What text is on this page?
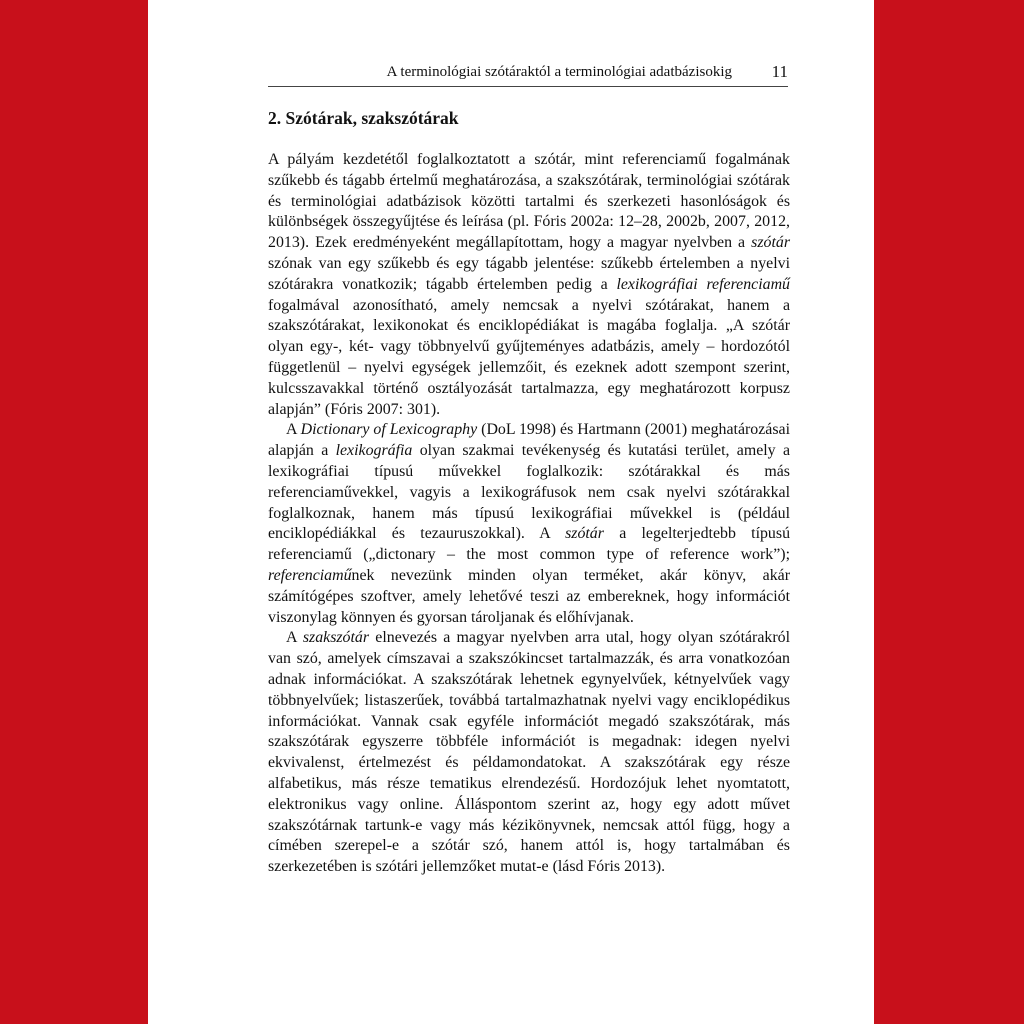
A terminológiai szótáraktól a terminológiai adatbázisokig 11
2. Szótárak, szakszótárak

A pályám kezdetétől foglalkoztatott a szótár, mint referenciamű fogalmának szűkebb és tágabb értelmű meghatározása, a szakszótárak, terminológiai szótárak és terminológiai adatbázisok közötti tartalmi és szerkezeti hasonlóságok és különbségek összegyűjtése és leírása (pl. Fóris 2002a: 12–28, 2002b, 2007, 2012, 2013). Ezek eredményeként megállapítottam, hogy a magyar nyelvben a szótár szónak van egy szűkebb és egy tágabb jelentése: szűkebb értelemben a nyelvi szótárakra vonatkozik; tágabb értelemben pedig a lexikográfiai referenciamű fogalmával azonosítható, amely nemcsak a nyelvi szótárakat, hanem a szakszótárakat, lexikonokat és enciklopédiákat is magába foglalja. „A szótár olyan egy-, két- vagy többnyelvű gyűjteményes adatbázis, amely – hordozótól függetlenül – nyelvi egységek jellemzőit, és ezeknek adott szempont szerint, kulcsszavakkal történő osztályozását tartalmazza, egy meghatározott korpusz alapján” (Fóris 2007: 301).

A Dictionary of Lexicography (DoL 1998) és Hartmann (2001) meghatározásai alapján a lexikográfia olyan szakmai tevékenység és kutatási terület, amely a lexikográfiai típusú művekkel foglalkozik: szótárakkal és más referenciaművekkel, vagyis a lexikográfusok nem csak nyelvi szótárakkal foglalkoznak, hanem más típusú lexikográfiai művekkel is (például enciklopédiákkal és tezauruszokkal). A szótár a legelterjedtebb típusú referenciamű („dictonary – the most common type of reference work”); referenciaműnek nevezünk minden olyan terméket, akár könyv, akár számítógépes szoftver, amely lehetővé teszi az embereknek, hogy információt viszonylag könnyen és gyorsan tároljanak és előhívjanak.

A szakszótár elnevezés a magyar nyelvben arra utal, hogy olyan szótárakról van szó, amelyek címszavai a szakszókincset tartalmazzák, és arra vonatkozóan adnak információkat. A szakszótárak lehetnek egynyelvűek, kétnyelvűek vagy többnyelvűek; listaszerűek, továbbá tartalmazhatnak nyelvi vagy enciklopédikus információkat. Vannak csak egyféle információt megadó szakszótárak, más szakszótárak egyszerre többféle információt is megadnak: idegen nyelvi ekvivalenst, értelmezést és példamondatokat. A szakszótárak egy része alfabetikus, más része tematikus elrendezésű. Hordozójuk lehet nyomtatott, elektronikus vagy online. Álláspontom szerint az, hogy egy adott művet szakszótárnak tartunk-e vagy más kézikönyvnek, nemcsak attól függ, hogy a címében szerepel-e a szótár szó, hanem attól is, hogy tartalmában és szerkezetében is szótári jellemzőket mutat-e (lásd Fóris 2013).
